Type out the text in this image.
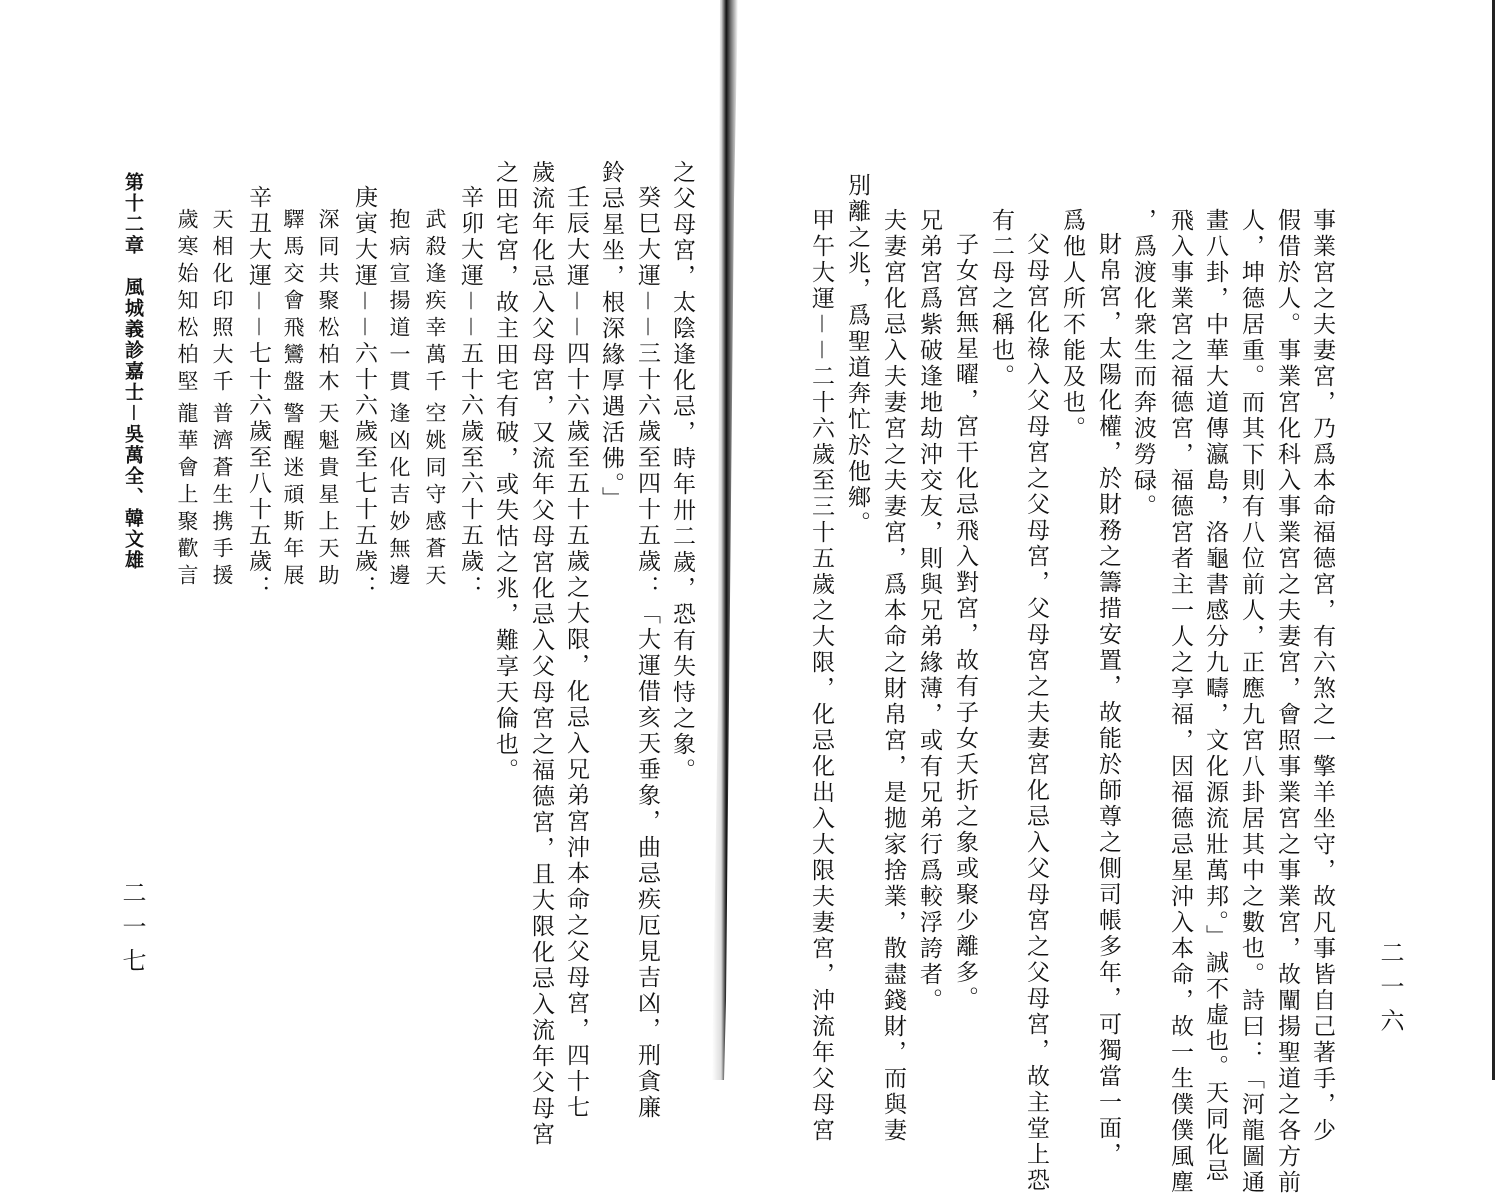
二一六
事業宮之夫妻宮，乃爲本命福德宮，有六煞之一擎羊坐守，故凡事皆自己著手，少
假借於人。事業宮化科入事業宮之夫妻宮，會照事業宮之事業宮，故闡揚聖道之各方前
人，坤德居重。而其下則有八位前人，正應九宮八卦居其中之數也。詩曰：「河龍圖通
畫八卦，中華大道傳瀛島，洛龜書感分九疇，文化源流壯萬邦。」誠不虛也。天同化忌
飛入事業宮之福德宮，福德宮者主一人之享福，因福德忌星沖入本命，故一生僕僕風塵
，爲渡化衆生而奔波勞碌。
財帛宮，太陽化權，於財務之籌措安置，故能於師尊之側司帳多年，可獨當一面，
爲他人所不能及也。
父母宮化祿入父母宮之父母宮，父母宮之夫妻宮化忌入父母宮之父母宮，故主堂上恐
有二母之稱也。
子女宮無星曜，宮干化忌飛入對宮，故有子女夭折之象或聚少離多。
兄弟宮爲紫破逢地劫沖交友，則與兄弟緣薄，或有兄弟行爲較浮誇者。
夫妻宮化忌入夫妻宮之夫妻宮，爲本命之財帛宮，是拋家捨業，散盡錢財，而與妻
別離之兆，爲聖道奔忙於他鄉。
甲午大運－－二十六歲至三十五歲之大限，化忌化出入大限夫妻宮，沖流年父母宮
之父母宮，太陰逢化忌，時年卅二歲，恐有失恃之象。
癸巳大運－－三十六歲至四十五歲：「大運借亥天垂象，曲忌疾厄見吉凶，刑貪廉
鈴忌星坐，根深緣厚遇活佛。」
壬辰大運－－四十六歲至五十五歲之大限，化忌入兄弟宮沖本命之父母宮，四十七
歲流年化忌入父母宮，又流年父母宮化忌入父母宮之福德宮，且大限化忌入流年父母宮
之田宅宮，故主田宅有破，或失怙之兆，難享天倫也。
辛卯大運－－五十六歲至六十五歲：
武殺逢疾幸萬千
空姚同守感蒼天
抱病宣揚道一貫
逢凶化吉妙無邊
庚寅大運－－六十六歲至七十五歲：
深同共聚松柏木
天魁貴星上天助
驛馬交會飛鸞盤
警醒迷頑斯年展
辛丑大運－－七十六歲至八十五歲：
天相化印照大千
普濟蒼生携手援
歲寒始知松柏堅
龍華會上聚歡言
第十二章　風城義診嘉士－吳萬全、韓文雄
二一七
